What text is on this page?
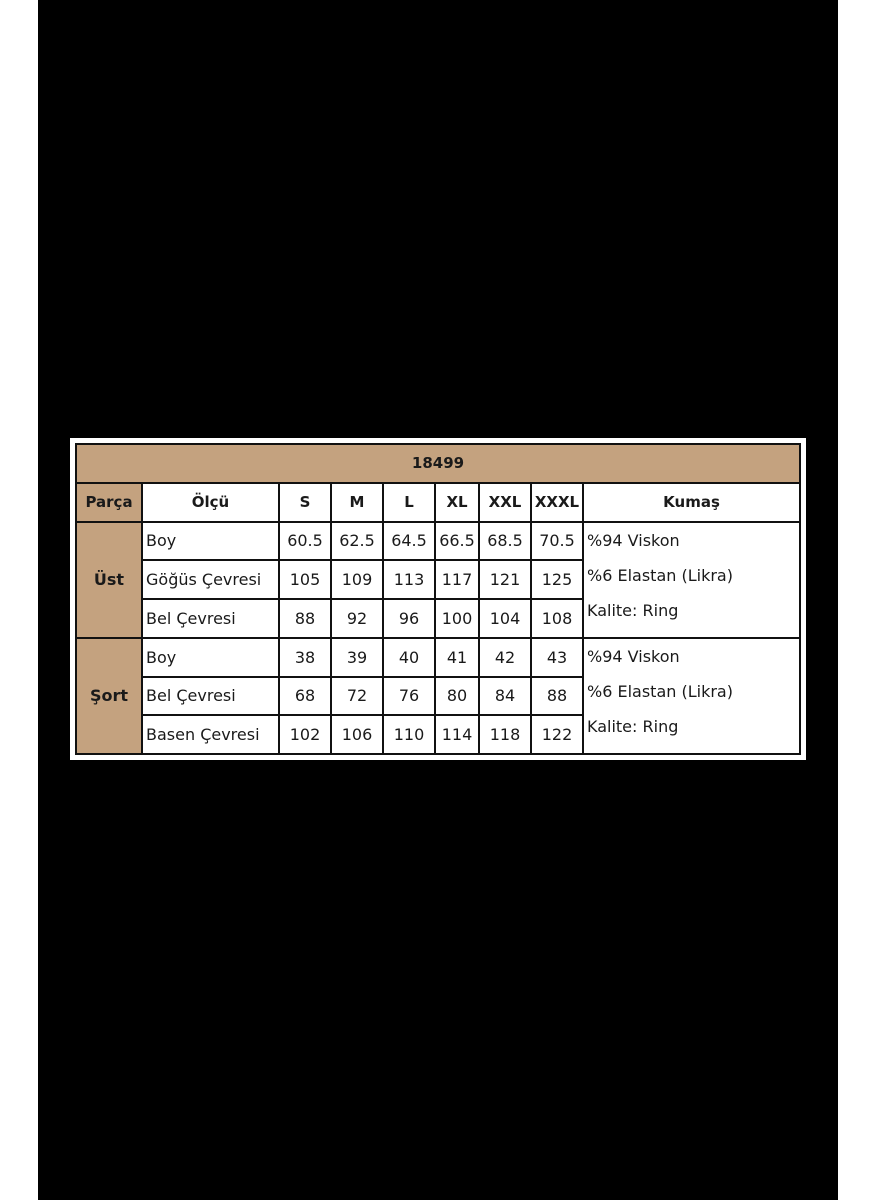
18499								
Parça	Ölçü	S	M	L	XL	XXL	XXXL	Kumaş
Üst	Boy	60.5	62.5	64.5	66.5	68.5	70.5	%94 Viskon
%6 Elastan (Likra)
Kalite: Ring

	Göğüs Çevresi	105	109	113	117	121	125	
	Bel Çevresi	88	92	96	100	104	108	
Şort	Boy	38	39	40	41	42	43	%94 Viskon
%6 Elastan (Likra)
Kalite: Ring

	Bel Çevresi	68	72	76	80	84	88	
	Basen Çevresi	102	106	110	114	118	122	
